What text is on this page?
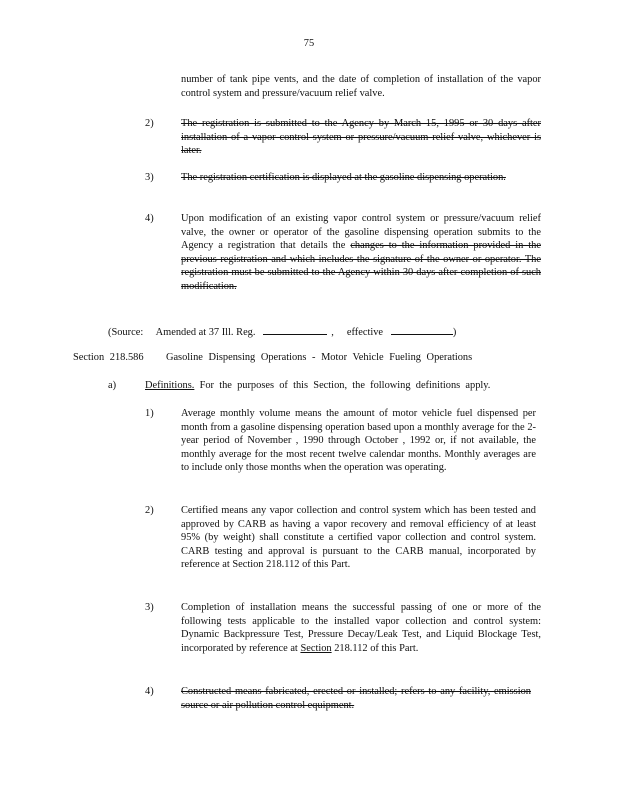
75

number of tank pipe vents, and the date of completion of installation of the vapor control system and pressure/vacuum relief valve.

2)	The registration is submitted to the Agency by March 15, 1995 or 30 days after installation of a vapor control system or pressure/vacuum relief valve, whichever is later.

3)	The registration certification is displayed at the gasoline dispensing operation.

4)	Upon modification of an existing vapor control system or pressure/vacuum relief valve, the owner or operator of the gasoline dispensing operation submits to the Agency a registration that details the changes to the information provided in the previous registration and which includes the signature of the owner or operator. The registration must be submitted to the Agency within 30 days after completion of such modification.
(Source: Amended at 37 Ill. Reg.	, effective	)
Section 218.586 Gasoline Dispensing Operations - Motor Vehicle Fueling Operations
a)	Definitions. For the purposes of this Section, the following definitions apply.
1)	Average monthly volume means the amount of motor vehicle fuel dispensed per month from a gasoline dispensing operation based upon a monthly average for the 2-year period of November , 1990 through October , 1992 or, if not available, the monthly average for the most recent twelve calendar months. Monthly averages are to include only those months when the operation was operating.

2)	Certified means any vapor collection and control system which has been tested and approved by CARB as having a vapor recovery and removal efficiency of at least 95% (by weight) shall constitute a certified vapor collection and control system. CARB testing and approval is pursuant to the CARB manual, incorporated by reference at Section 218.112 of this Part.

3)	Completion of installation means the successful passing of one or more of the following tests applicable to the installed vapor collection and control system: Dynamic Backpressure Test, Pressure Decay/Leak Test, and Liquid Blockage Test, incorporated by reference at Section 218.112 of this Part.
4)	Constructed means fabricated, erected or installed; refers to any facility, emission source or air pollution control equipment.
